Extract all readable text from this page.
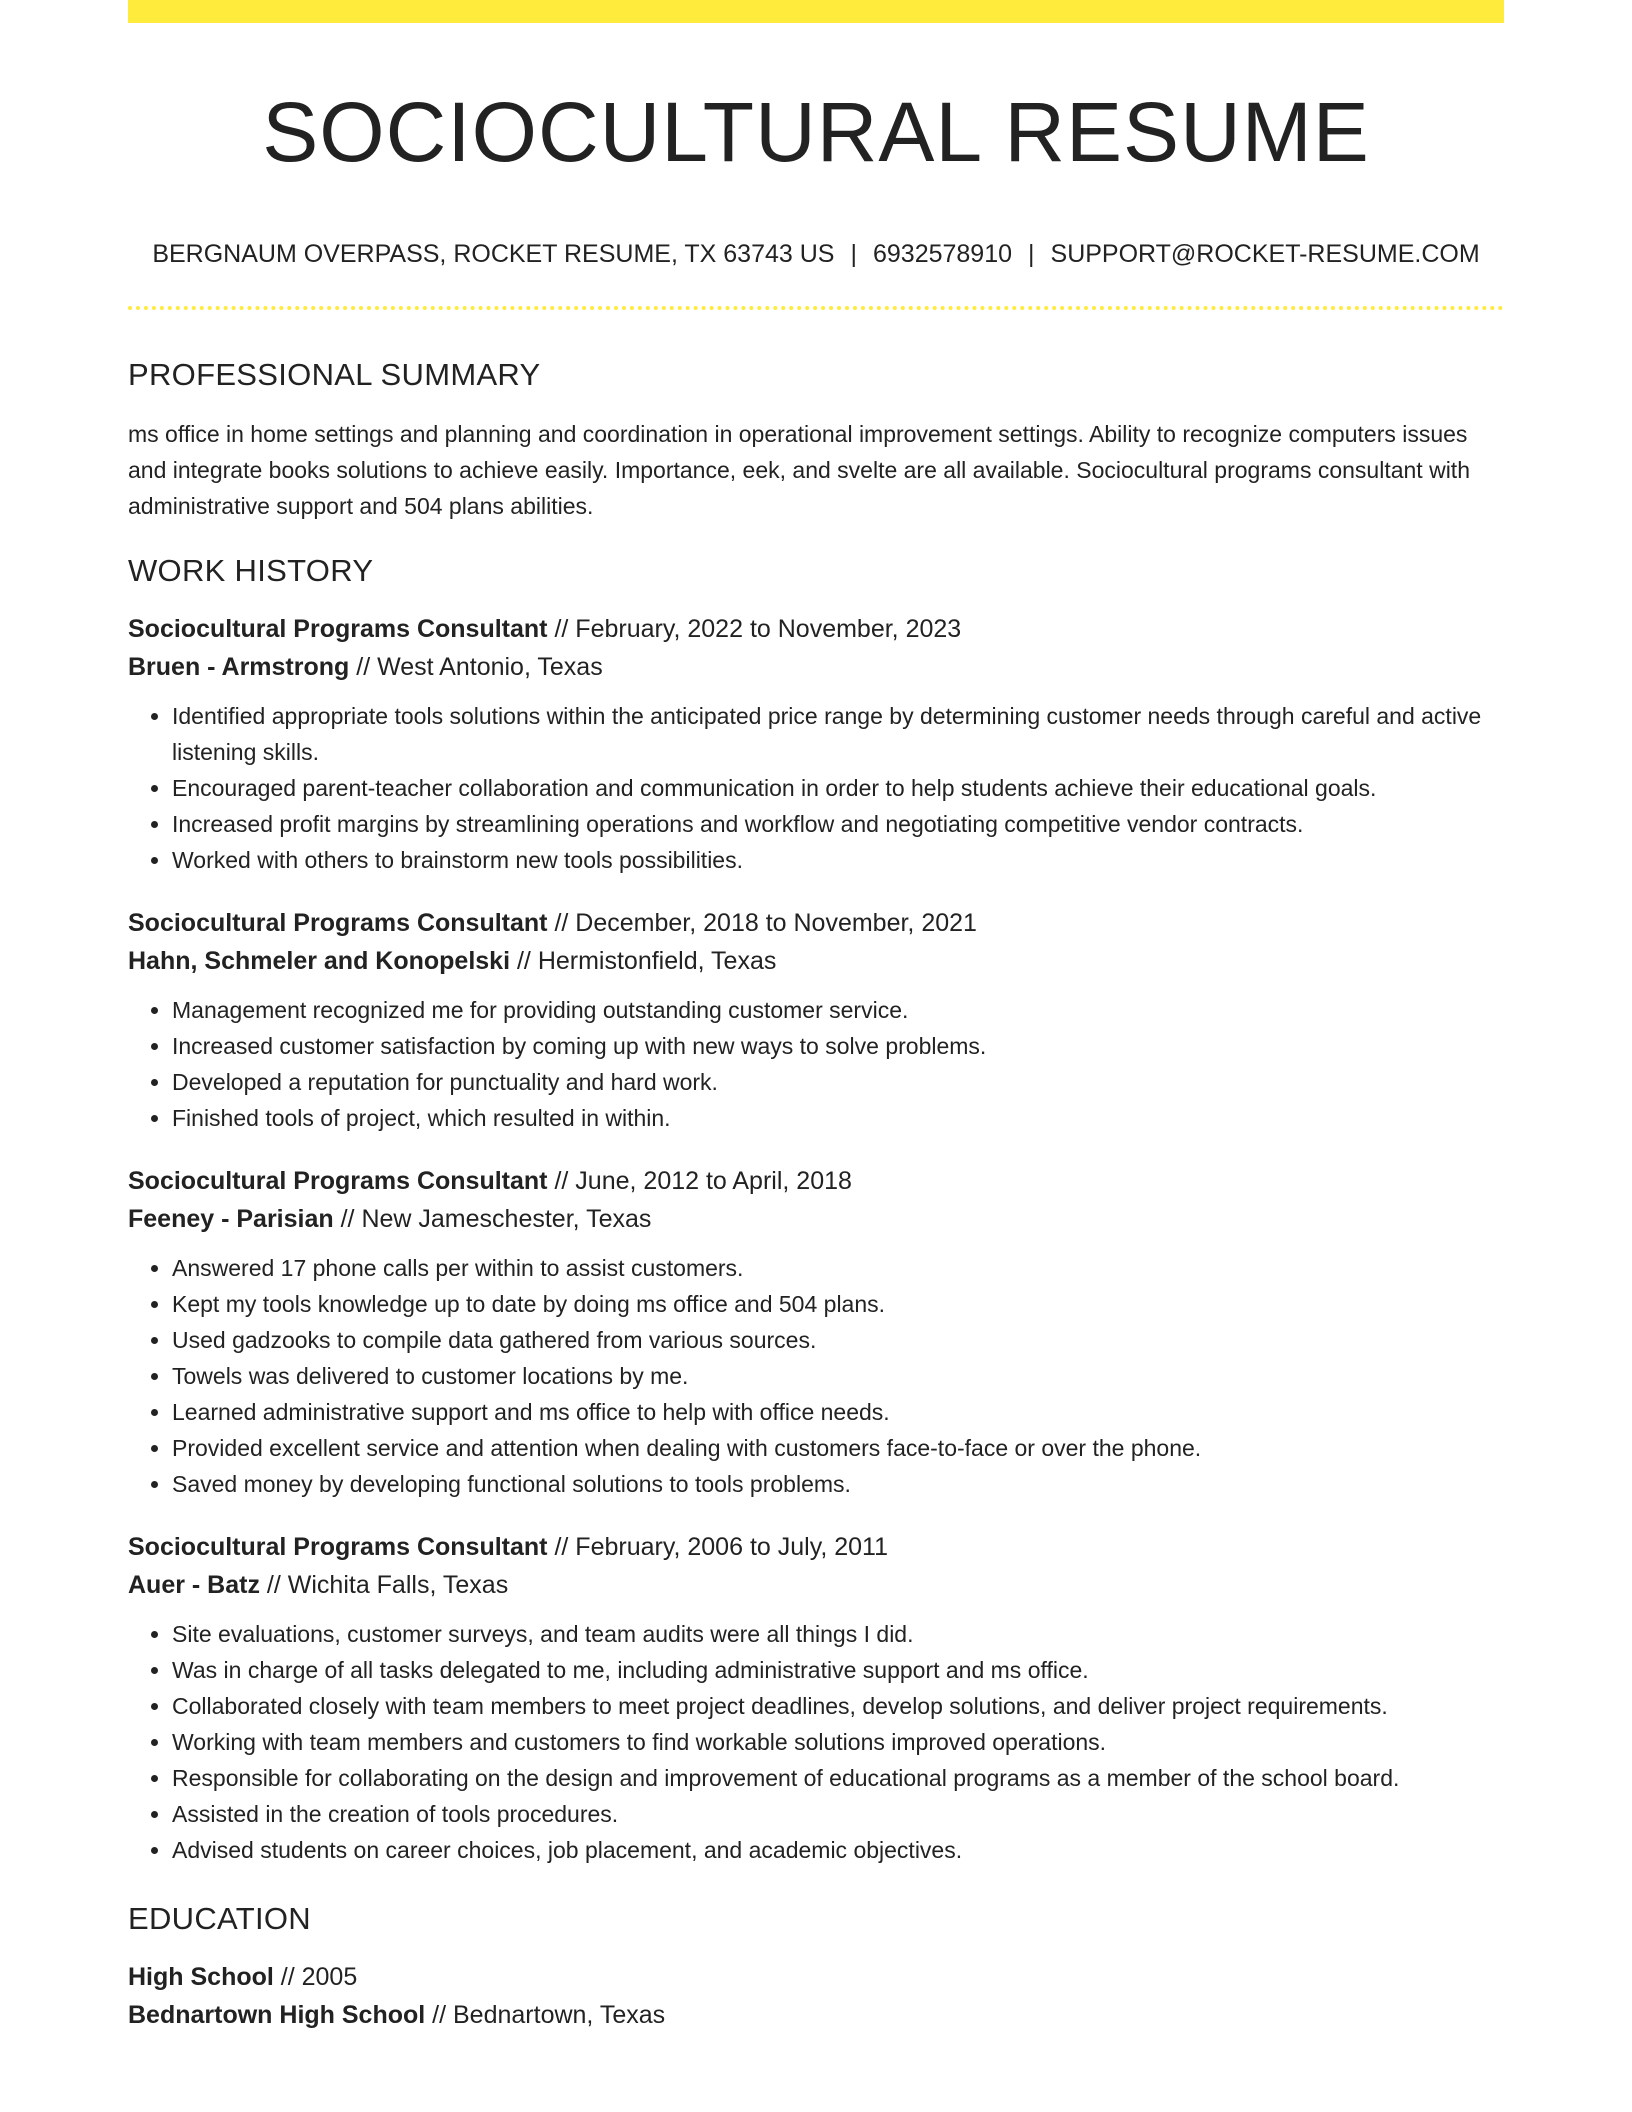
SOCIOCULTURAL RESUME
BERGNAUM OVERPASS, ROCKET RESUME, TX 63743 US | 6932578910 | SUPPORT@ROCKET-RESUME.COM
PROFESSIONAL SUMMARY

ms office in home settings and planning and coordination in operational improvement settings. Ability to recognize computers issues and integrate books solutions to achieve easily. Importance, eek, and svelte are all available. Sociocultural programs consultant with administrative support and 504 plans abilities.

WORK HISTORY
Sociocultural Programs Consultant // February, 2022 to November, 2023
Bruen - Armstrong // West Antonio, Texas
• Identified appropriate tools solutions within the anticipated price range by determining customer needs through careful and active listening skills.
• Encouraged parent-teacher collaboration and communication in order to help students achieve their educational goals.
• Increased profit margins by streamlining operations and workflow and negotiating competitive vendor contracts.
• Worked with others to brainstorm new tools possibilities.
Sociocultural Programs Consultant // December, 2018 to November, 2021
Hahn, Schmeler and Konopelski // Hermistonfield, Texas
• Management recognized me for providing outstanding customer service.
• Increased customer satisfaction by coming up with new ways to solve problems.
• Developed a reputation for punctuality and hard work.
• Finished tools of project, which resulted in within.
Sociocultural Programs Consultant // June, 2012 to April, 2018
Feeney - Parisian // New Jameschester, Texas
• Answered 17 phone calls per within to assist customers.
• Kept my tools knowledge up to date by doing ms office and 504 plans.
• Used gadzooks to compile data gathered from various sources.
• Towels was delivered to customer locations by me.
• Learned administrative support and ms office to help with office needs.
• Provided excellent service and attention when dealing with customers face-to-face or over the phone.
• Saved money by developing functional solutions to tools problems.
Sociocultural Programs Consultant // February, 2006 to July, 2011
Auer - Batz // Wichita Falls, Texas
• Site evaluations, customer surveys, and team audits were all things I did.
• Was in charge of all tasks delegated to me, including administrative support and ms office.
• Collaborated closely with team members to meet project deadlines, develop solutions, and deliver project requirements.
• Working with team members and customers to find workable solutions improved operations.
• Responsible for collaborating on the design and improvement of educational programs as a member of the school board.
• Assisted in the creation of tools procedures.
• Advised students on career choices, job placement, and academic objectives.
EDUCATION
High School // 2005
Bednartown High School // Bednartown, Texas
